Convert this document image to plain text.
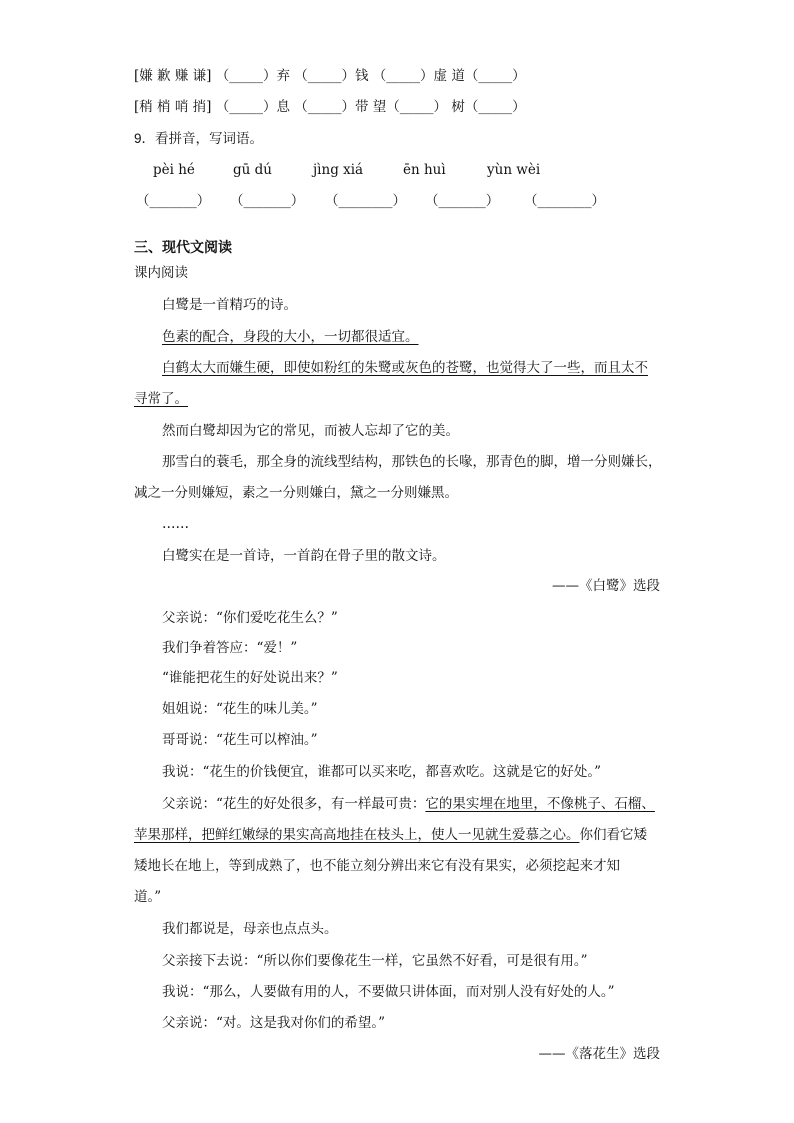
[嫌 歉 赚 谦] （_____）弃 （_____）钱 （_____）虚 道（_____）
[稍 梢 哨 捎] （_____）息 （_____）带 望（_____） 树（_____）
9．看拼音，写词语。
pèi hé	gū dú	jìng xiá	ēn huì	yùn wèi
（_______） （_______） （________） （_______） （________）
三、现代文阅读
课内阅读
白鹭是一首精巧的诗。
色素的配合，身段的大小，一切都很适宜。
白鹤太大而嫌生硬，即使如粉红的朱鹭或灰色的苍鹭，也觉得大了一些，而且太不
寻常了。
然而白鹭却因为它的常见，而被人忘却了它的美。
那雪白的蓑毛，那全身的流线型结构，那铁色的长喙，那青色的脚，增一分则嫌长，
减之一分则嫌短，素之一分则嫌白，黛之一分则嫌黑。
……
白鹭实在是一首诗，一首韵在骨子里的散文诗。
——《白鹭》选段
父亲说：“你们爱吃花生么？”
我们争着答应：“爱！”
“谁能把花生的好处说出来？”
姐姐说：“花生的味儿美。”
哥哥说：“花生可以榨油。”
我说：“花生的价钱便宜，谁都可以买来吃，都喜欢吃。这就是它的好处。”
父亲说：“花生的好处很多，有一样最可贵：它的果实埋在地里，不像桃子、石榴、
苹果那样，把鲜红嫩绿的果实高高地挂在枝头上，使人一见就生爱慕之心。你们看它矮
矮地长在地上，等到成熟了，也不能立刻分辨出来它有没有果实，必须挖起来才知
道。”
我们都说是，母亲也点点头。
父亲接下去说：“所以你们要像花生一样，它虽然不好看，可是很有用。”
我说：“那么，人要做有用的人，不要做只讲体面，而对别人没有好处的人。”
父亲说：“对。这是我对你们的希望。”
——《落花生》选段
